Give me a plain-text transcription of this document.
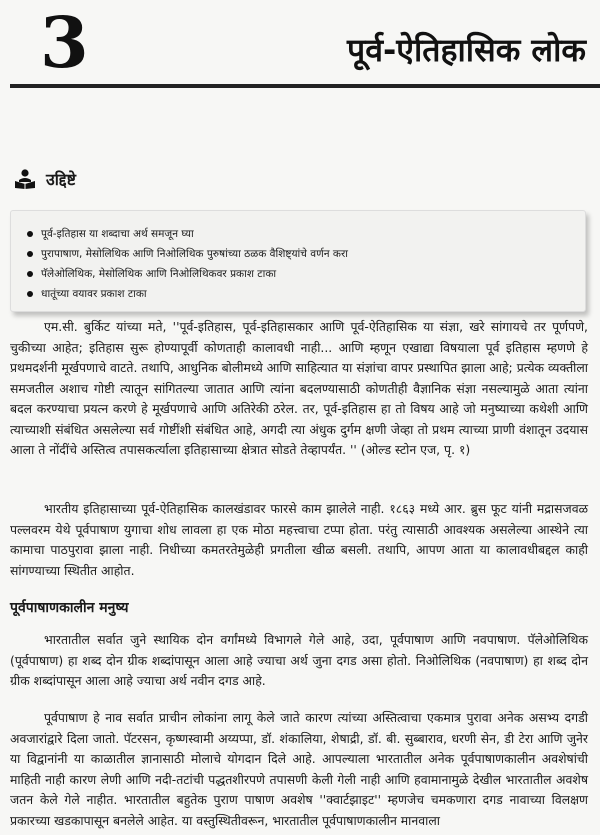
3	पूर्व-ऐतिहासिक लोक
उद्दिष्टे
पूर्व-इतिहास या शब्दाचा अर्थ समजून घ्या
पुरापाषाण, मेसोलिथिक आणि निओलिथिक पुरुषांच्या ठळक वैशिष्ट्यांचे वर्णन करा
पॅलेओलिथिक, मेसोलिथिक आणि निओलिथिकवर प्रकाश टाका
धातूंच्या वयावर प्रकाश टाका

एम.सी. बुर्किट यांच्या मते, ''पूर्व-इतिहास, पूर्व-इतिहासकार आणि पूर्व-ऐतिहासिक या संज्ञा, खरे सांगायचे तर पूर्णपणे, चुकीच्या आहेत; इतिहास सुरू होण्यापूर्वी कोणताही कालावधी नाही... आणि म्हणून एखाद्या विषयाला पूर्व इतिहास म्हणणे हे प्रथमदर्शनी मूर्खपणाचे वाटते. तथापि, आधुनिक बोलीमध्ये आणि साहित्यात या संज्ञांचा वापर प्रस्थापित झाला आहे; प्रत्येक व्यक्तीला समजतील अशाच गोष्टी त्यातून सांगितल्या जातात आणि त्यांना बदलण्यासाठी कोणतीही वैज्ञानिक संज्ञा नसल्यामुळे आता त्यांना बदल करण्याचा प्रयत्न करणे हे मूर्खपणाचे आणि अतिरेकी ठरेल. तर, पूर्व-इतिहास हा तो विषय आहे जो मनुष्याच्या कथेशी आणि त्याच्याशी संबंधित असलेल्या सर्व गोष्टींशी संबंधित आहे, अगदी त्या अंधुक दुर्गम क्षणी जेव्हा तो प्रथम त्याच्या प्राणी वंशातून उदयास आला ते नोंदींचे अस्तित्व तपासकर्त्याला इतिहासाच्या क्षेत्रात सोडते तेव्हापर्यंत. '' (ओल्ड स्टोन एज, पृ. १)

भारतीय इतिहासाच्या पूर्व-ऐतिहासिक कालखंडावर फारसे काम झालेले नाही. १८६३ मध्ये आर. ब्रुस फूट यांनी मद्रासजवळ पल्लवरम येथे पूर्वपाषाण युगाचा शोध लावला हा एक मोठा महत्त्वाचा टप्पा होता. परंतु त्यासाठी आवश्यक असलेल्या आस्थेने त्या कामाचा पाठपुरावा झाला नाही. निधीच्या कमतरतेमुळेही प्रगतीला खीळ बसली. तथापि, आपण आता या कालावधीबद्दल काही सांगण्याच्या स्थितीत आहोत.

पूर्वपाषाणकालीन मनुष्य

भारतातील सर्वात जुने स्थायिक दोन वर्गांमध्ये विभागले गेले आहे, उदा, पूर्वपाषाण आणि नवपाषाण. पॅलेओलिथिक (पूर्वपाषाण) हा शब्द दोन ग्रीक शब्दांपासून आला आहे ज्याचा अर्थ जुना दगड असा होतो. निओलिथिक (नवपाषाण) हा शब्द दोन ग्रीक शब्दांपासून आला आहे ज्याचा अर्थ नवीन दगड आहे.

पूर्वपाषाण हे नाव सर्वात प्राचीन लोकांना लागू केले जाते कारण त्यांच्या अस्तित्वाचा एकमात्र पुरावा अनेक असभ्य दगडी अवजारांद्वारे दिला जातो. पॅटरसन, कृष्णस्वामी अय्यप्पा, डॉ. शंकालिया, शेषाद्री, डॉ. बी. सुब्बाराव, धरणी सेन, डी टेरा आणि जुनेर या विद्वानांनी या काळातील ज्ञानासाठी मोलाचे योगदान दिले आहे. आपल्याला भारतातील अनेक पूर्वपाषाणकालीन अवशेषांची माहिती नाही कारण लेणी आणि नदी-तटांची पद्धतशीरपणे तपासणी केली गेली नाही आणि हवामानामुळे देखील भारतातील अवशेष जतन केले गेले नाहीत. भारतातील बहुतेक पुराण पाषाण अवशेष ''क्वार्टझाइट'' म्हणजेच चमकणारा दगड नावाच्या विलक्षण प्रकारच्या खडकापासून बनलेले आहेत. या वस्तुस्थितीवरून, भारतातील पूर्वपाषाणकालीन मानवाला
